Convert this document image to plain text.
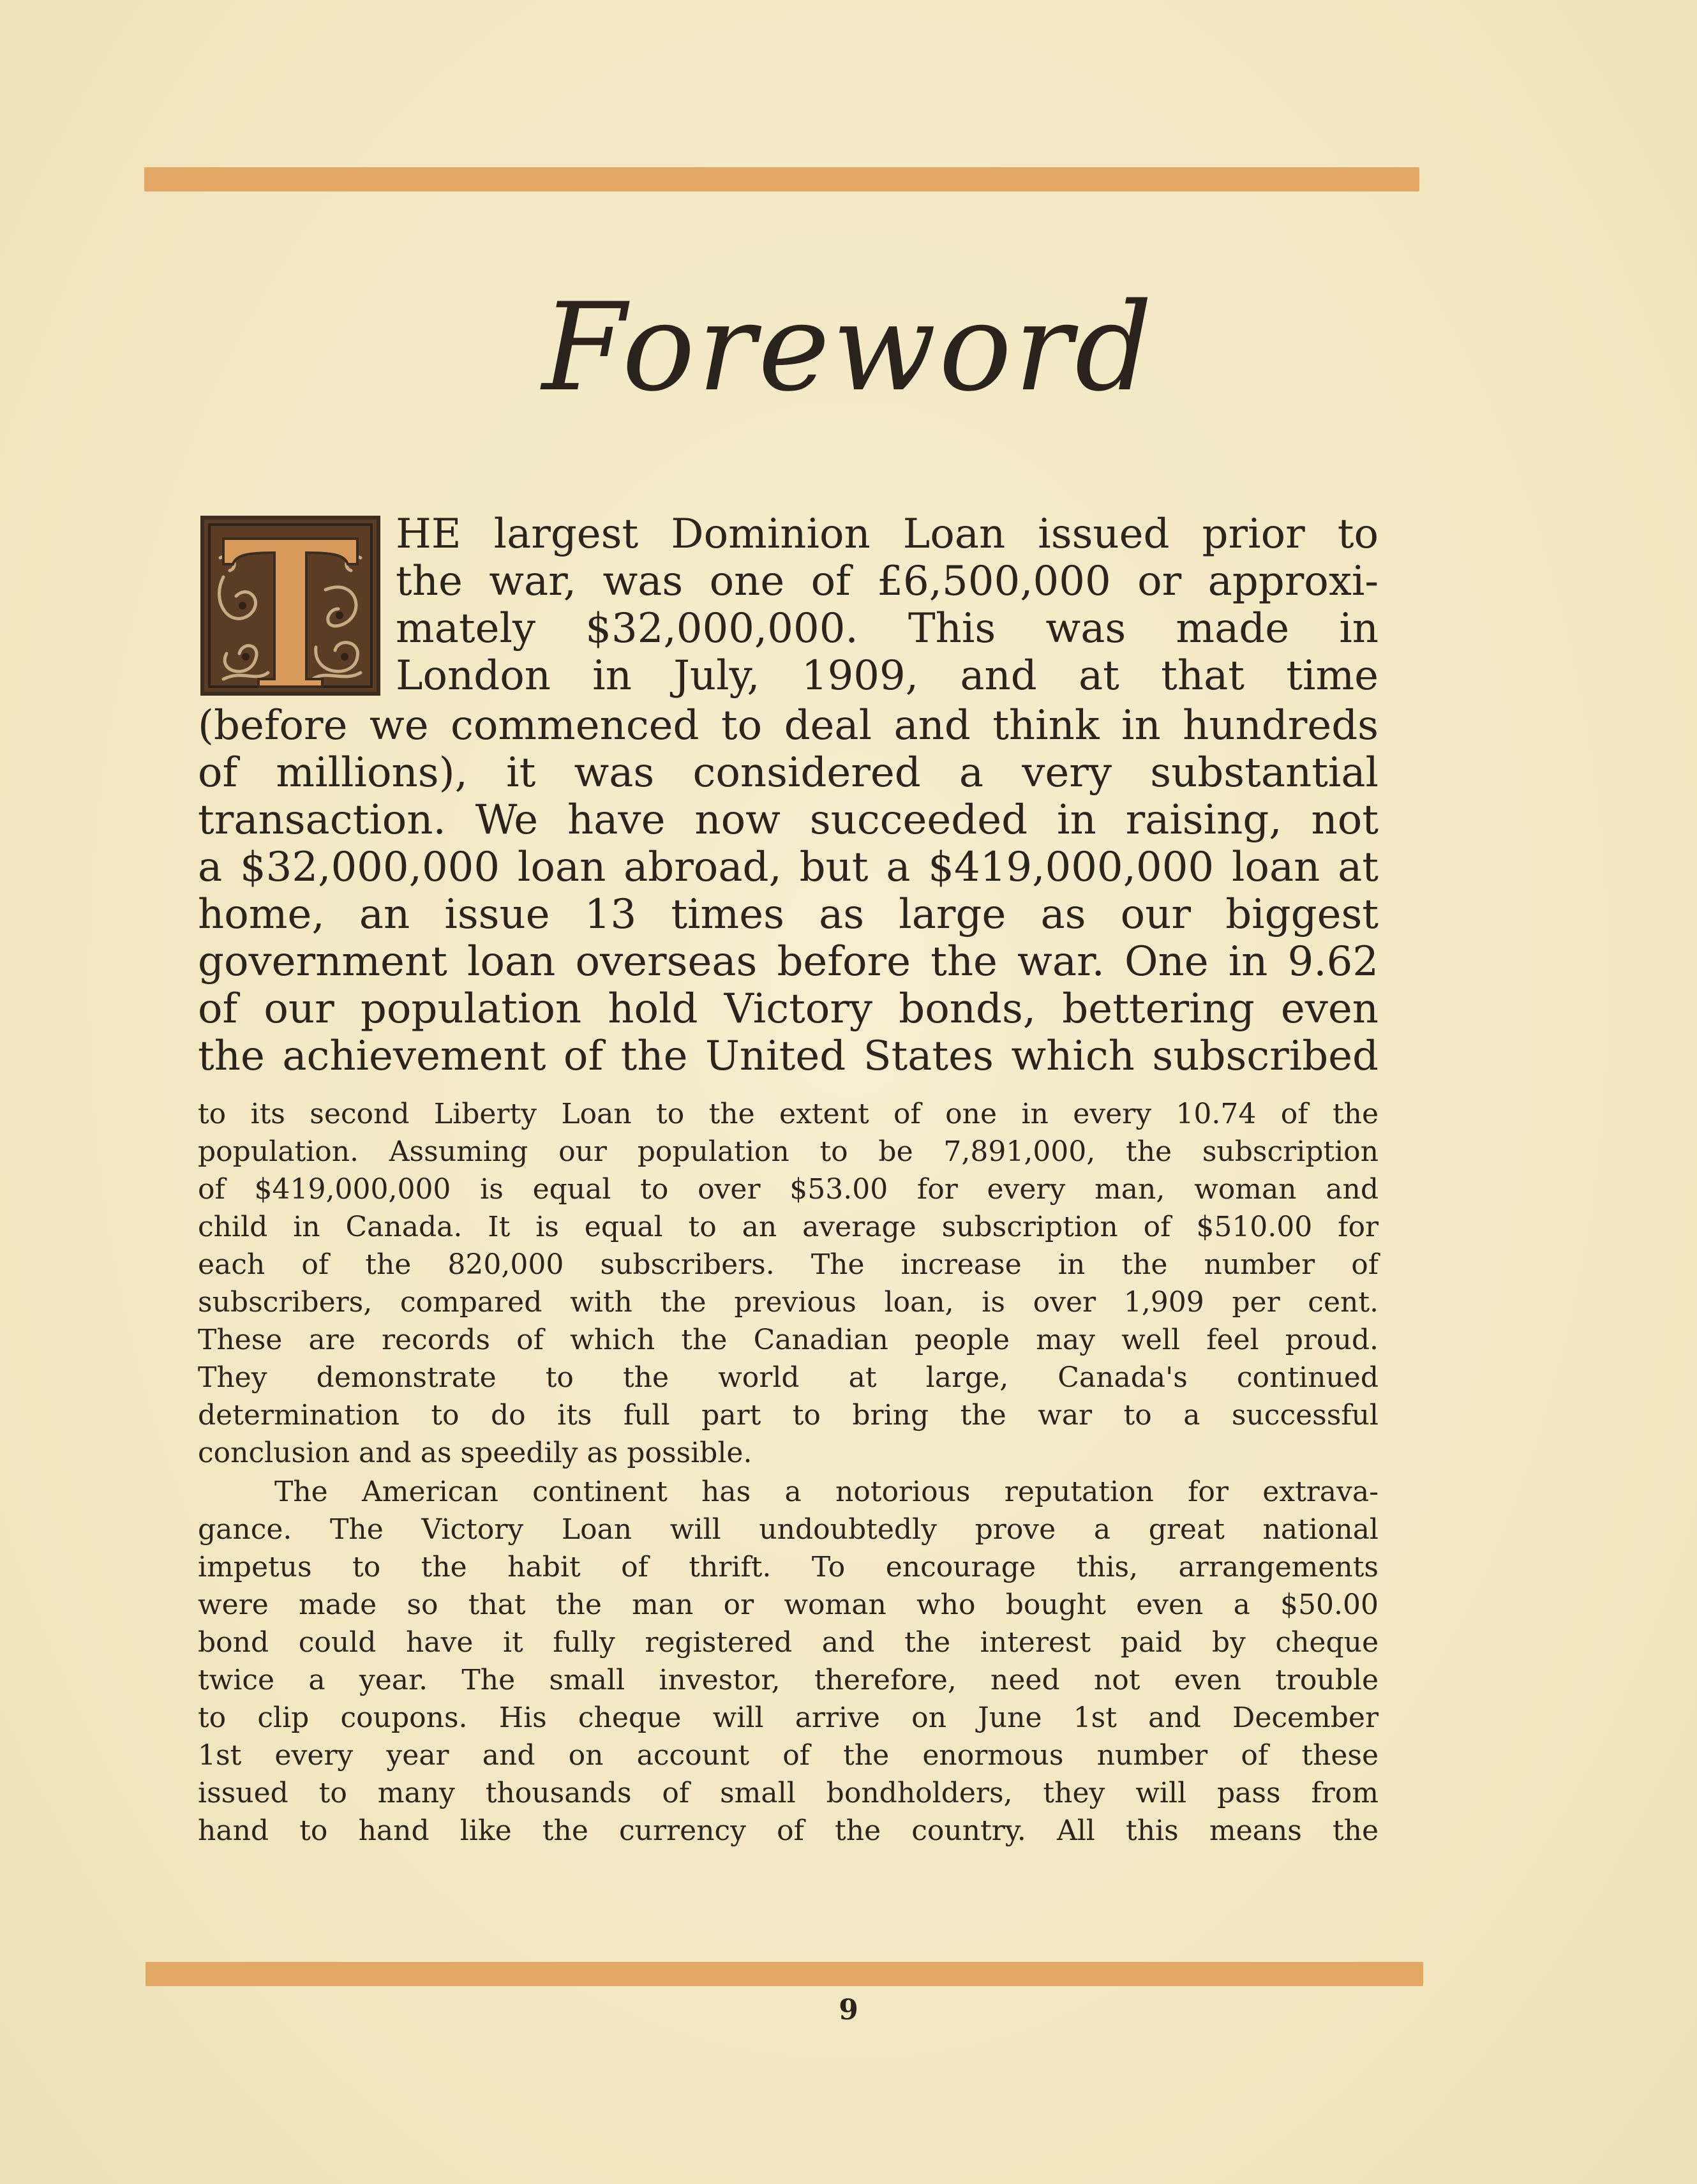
Foreword
HE largest Dominion Loan issued prior to
the war, was one of £6,500,000 or approxi-
mately $32,000,000. This was made in
London in July, 1909, and at that time
(before we commenced to deal and think in hundreds
of millions), it was considered a very substantial
transaction. We have now succeeded in raising, not
a $32,000,000 loan abroad, but a $419,000,000 loan at
home, an issue 13 times as large as our biggest
government loan overseas before the war. One in 9.62
of our population hold Victory bonds, bettering even
the achievement of the United States which subscribed
to its second Liberty Loan to the extent of one in every 10.74 of the
population. Assuming our population to be 7,891,000, the subscription
of $419,000,000 is equal to over $53.00 for every man, woman and
child in Canada. It is equal to an average subscription of $510.00 for
each of the 820,000 subscribers. The increase in the number of
subscribers, compared with the previous loan, is over 1,909 per cent.
These are records of which the Canadian people may well feel proud.
They demonstrate to the world at large, Canada's continued
determination to do its full part to bring the war to a successful
conclusion and as speedily as possible.
The American continent has a notorious reputation for extrava-
gance. The Victory Loan will undoubtedly prove a great national
impetus to the habit of thrift. To encourage this, arrangements
were made so that the man or woman who bought even a $50.00
bond could have it fully registered and the interest paid by cheque
twice a year. The small investor, therefore, need not even trouble
to clip coupons. His cheque will arrive on June 1st and December
1st every year and on account of the enormous number of these
issued to many thousands of small bondholders, they will pass from
hand to hand like the currency of the country. All this means the
9
